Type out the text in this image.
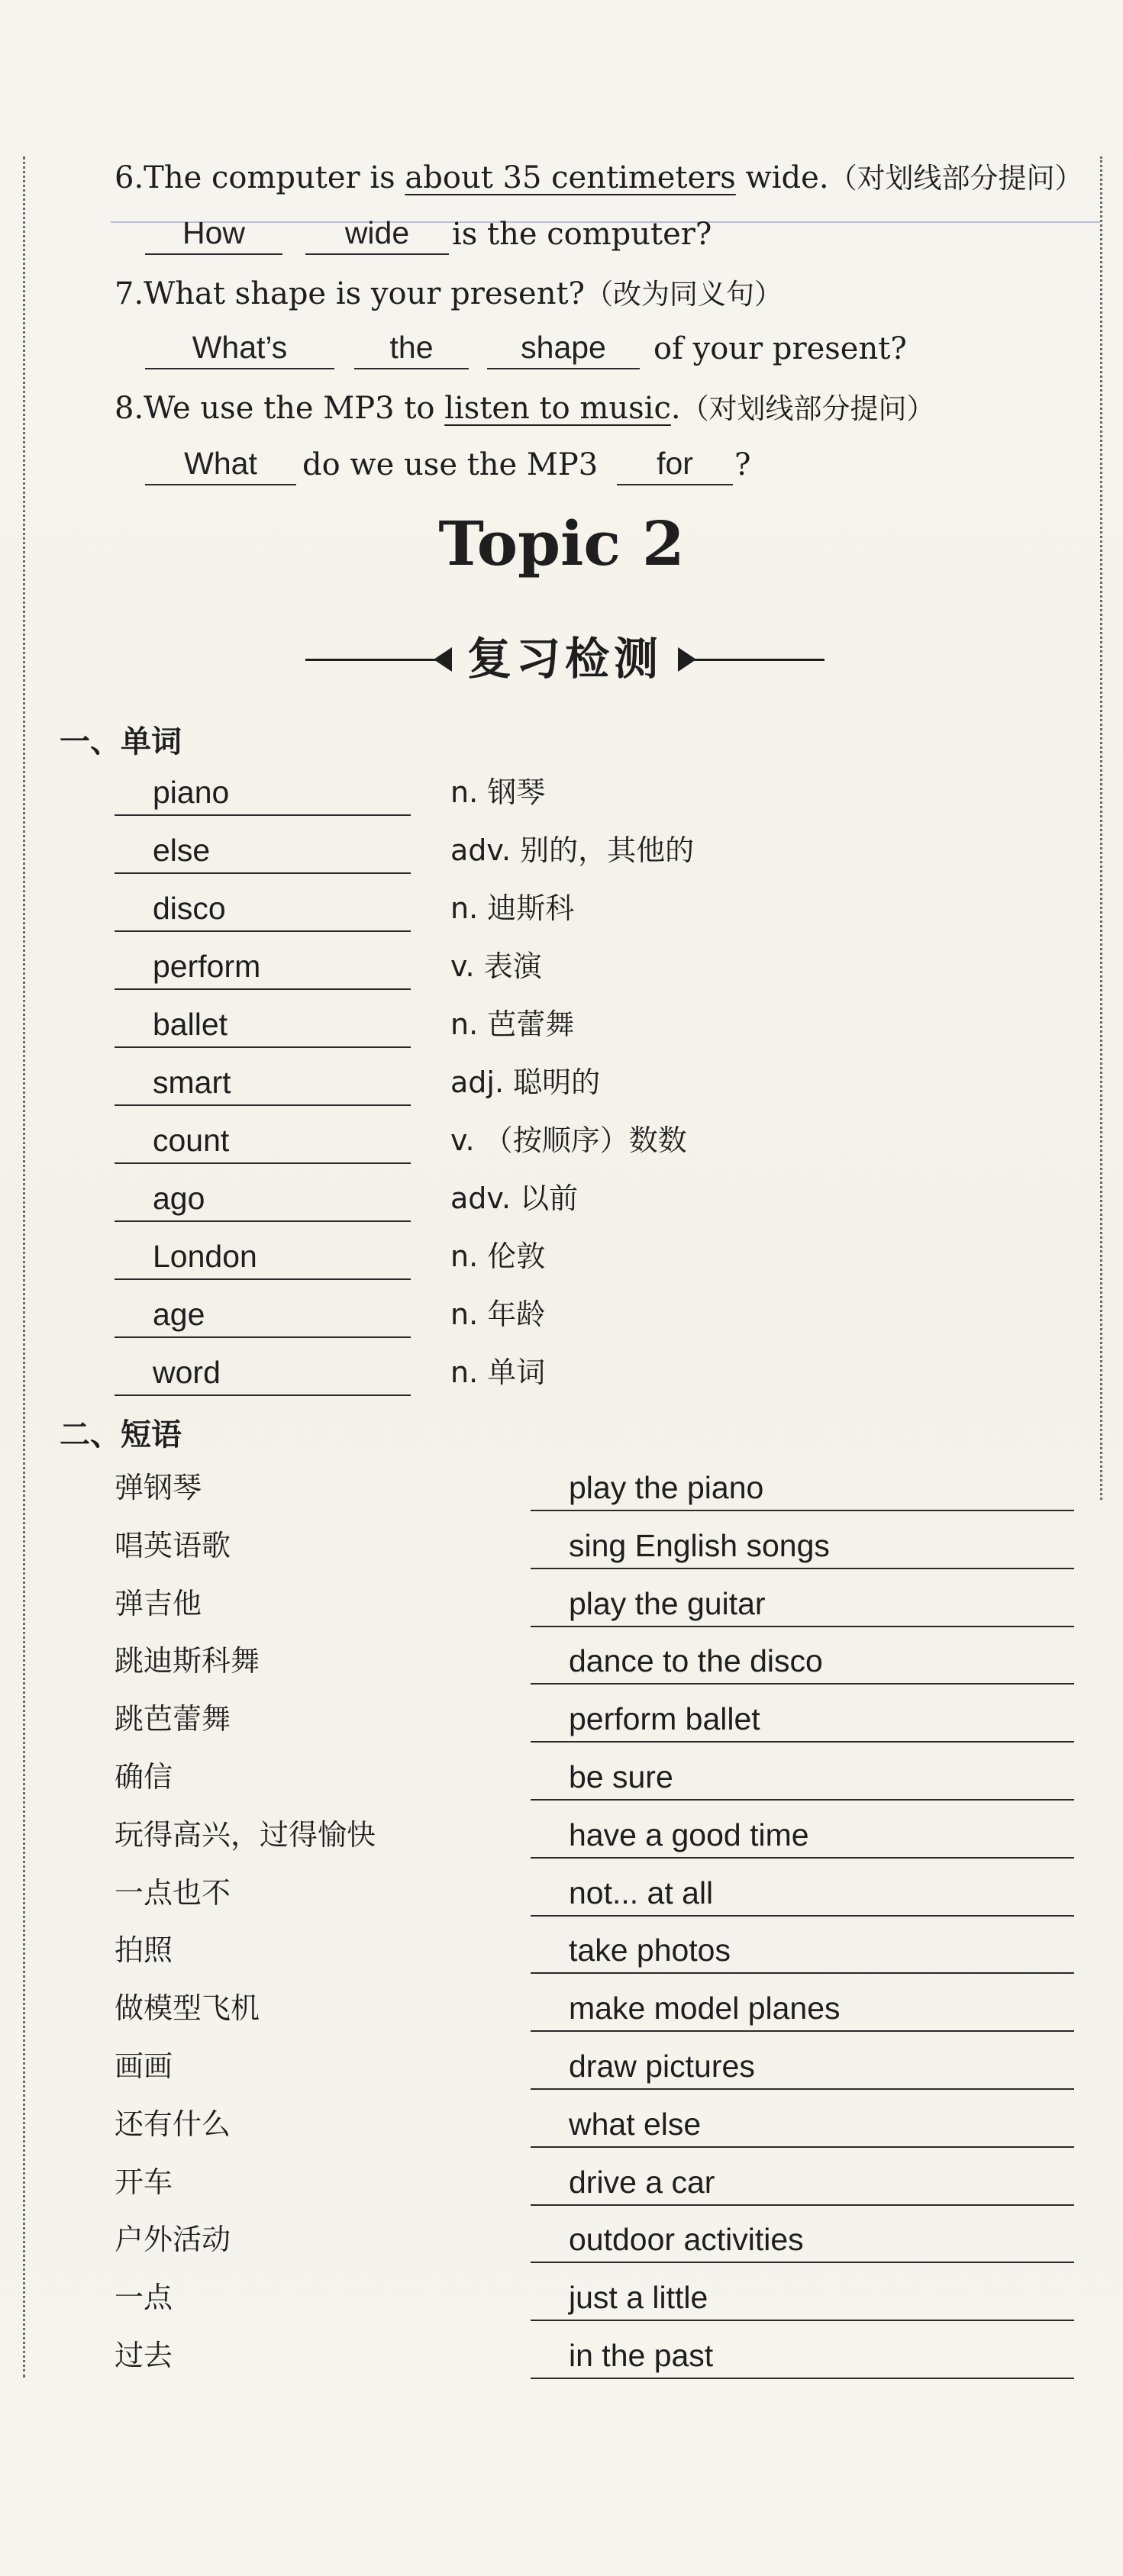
6.The computer is about 35 centimeters wide.（对划线部分提问）
How	wide	is the computer?
7.What shape is your present?（改为同义句）
What’s	the	shape	of your present?
8.We use the MP3 to listen to music.（对划线部分提问）
What	do we use the MP3	for	?
Topic 2
复习检测
一、单词
piano	n. 钢琴
else	adv. 别的，其他的
disco	n. 迪斯科
perform	v. 表演
ballet	n. 芭蕾舞
smart	adj. 聪明的
count	v. （按顺序）数数
ago	adv. 以前
London	n. 伦敦
age	n. 年龄
word	n. 单词
二、短语
弹钢琴	play the piano
唱英语歌	sing English songs
弹吉他	play the guitar
跳迪斯科舞	dance to the disco
跳芭蕾舞	perform ballet
确信	be sure
玩得高兴，过得愉快	have a good time
一点也不	not... at all
拍照	take photos
做模型飞机	make model planes
画画	draw pictures
还有什么	what else
开车	drive a car
户外活动	outdoor activities
一点	just a little
过去	in the past
